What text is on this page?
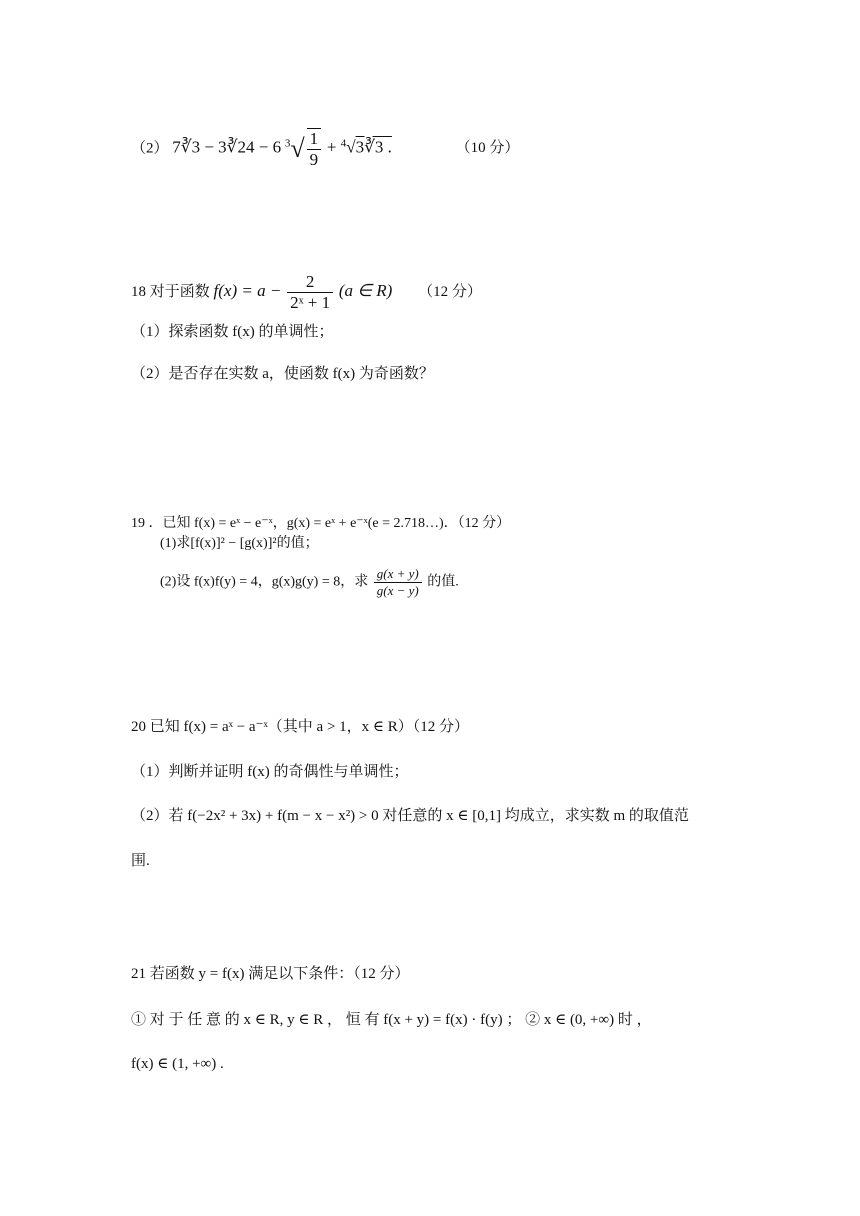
（2） 7∛3 − 3∛24 − 6 $^3√ \frac{1}{9}$ + $^4$√3∛3 .	（10 分）
18 对于函数 $f(x) = a - \frac{2}{\text{2ˣ + 1}} (a$ ∈ R) （12 分）
（1）探索函数 f(x) 的单调性；
（2）是否存在实数 a，使函数 f(x) 为奇函数？
19 ．已知 f(x) = eˣ − e⁻ˣ，g(x) = eˣ + e⁻ˣ(e = 2.718…)．（12 分）
(1)求[f(x)]² − [g(x)]²的值；
(2)设 f(x)f(y) = 4，g(x)g(y) = 8，求 $\frac{g(x + y)}{g(x - y)}$ 的值.
20 已知 f(x) = aˣ − a⁻ˣ（其中 a > 1，x ∈ R）（12 分）
（1）判断并证明 f(x) 的奇偶性与单调性；
（2）若 f(−2x² + 3x) + f(m − x − x²) > 0 对任意的 x ∈ [0,1] 均成立，求实数 m 的取值范
围.
21 若函数 y = f(x) 满足以下条件：（12 分）
① 对 于 任 意 的 x ∈ R, y ∈ R ， 恒 有 f(x + y) = f(x) · f(y) ； ② x ∈ (0, +∞) 时 ，
f(x) ∈ (1, +∞) .
